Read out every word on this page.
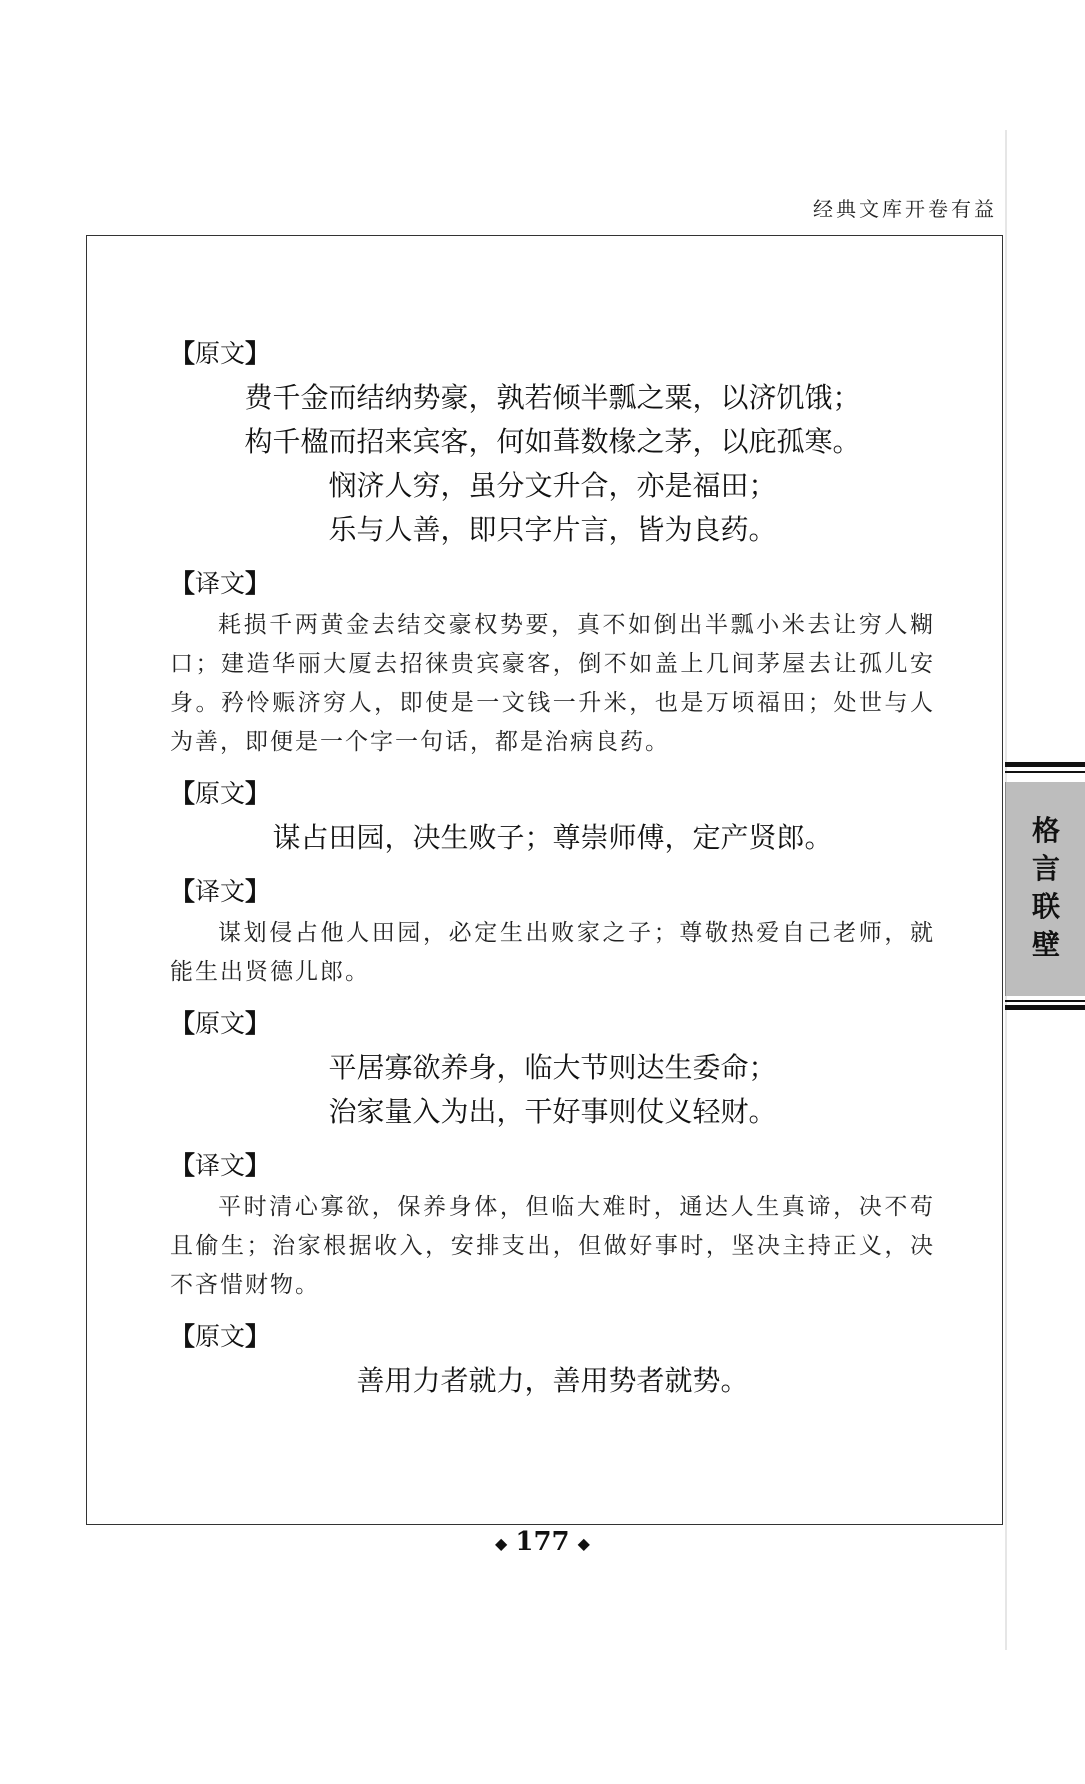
经典文库开卷有益
【原文】
费千金而结纳势豪，孰若倾半瓢之粟，以济饥饿；
构千楹而招来宾客，何如葺数椽之茅，以庇孤寒。
悯济人穷，虽分文升合，亦是福田；
乐与人善，即只字片言，皆为良药。
【译文】

耗损千两黄金去结交豪权势要，真不如倒出半瓢小米去让穷人糊口；建造华丽大厦去招徕贵宾豪客，倒不如盖上几间茅屋去让孤儿安身。矜怜赈济穷人，即使是一文钱一升米，也是万顷福田；处世与人为善，即便是一个字一句话，都是治病良药。

【原文】
谋占田园，决生败子；尊崇师傅，定产贤郎。
【译文】

谋划侵占他人田园，必定生出败家之子；尊敬热爱自己老师，就能生出贤德儿郎。

【原文】
平居寡欲养身，临大节则达生委命；
治家量入为出，干好事则仗义轻财。
【译文】

平时清心寡欲，保养身体，但临大难时，通达人生真谛，决不苟且偷生；治家根据收入，安排支出，但做好事时，坚决主持正义，决不吝惜财物。

【原文】
善用力者就力，善用势者就势。
格
言
联
壁
◆ 177 ◆
